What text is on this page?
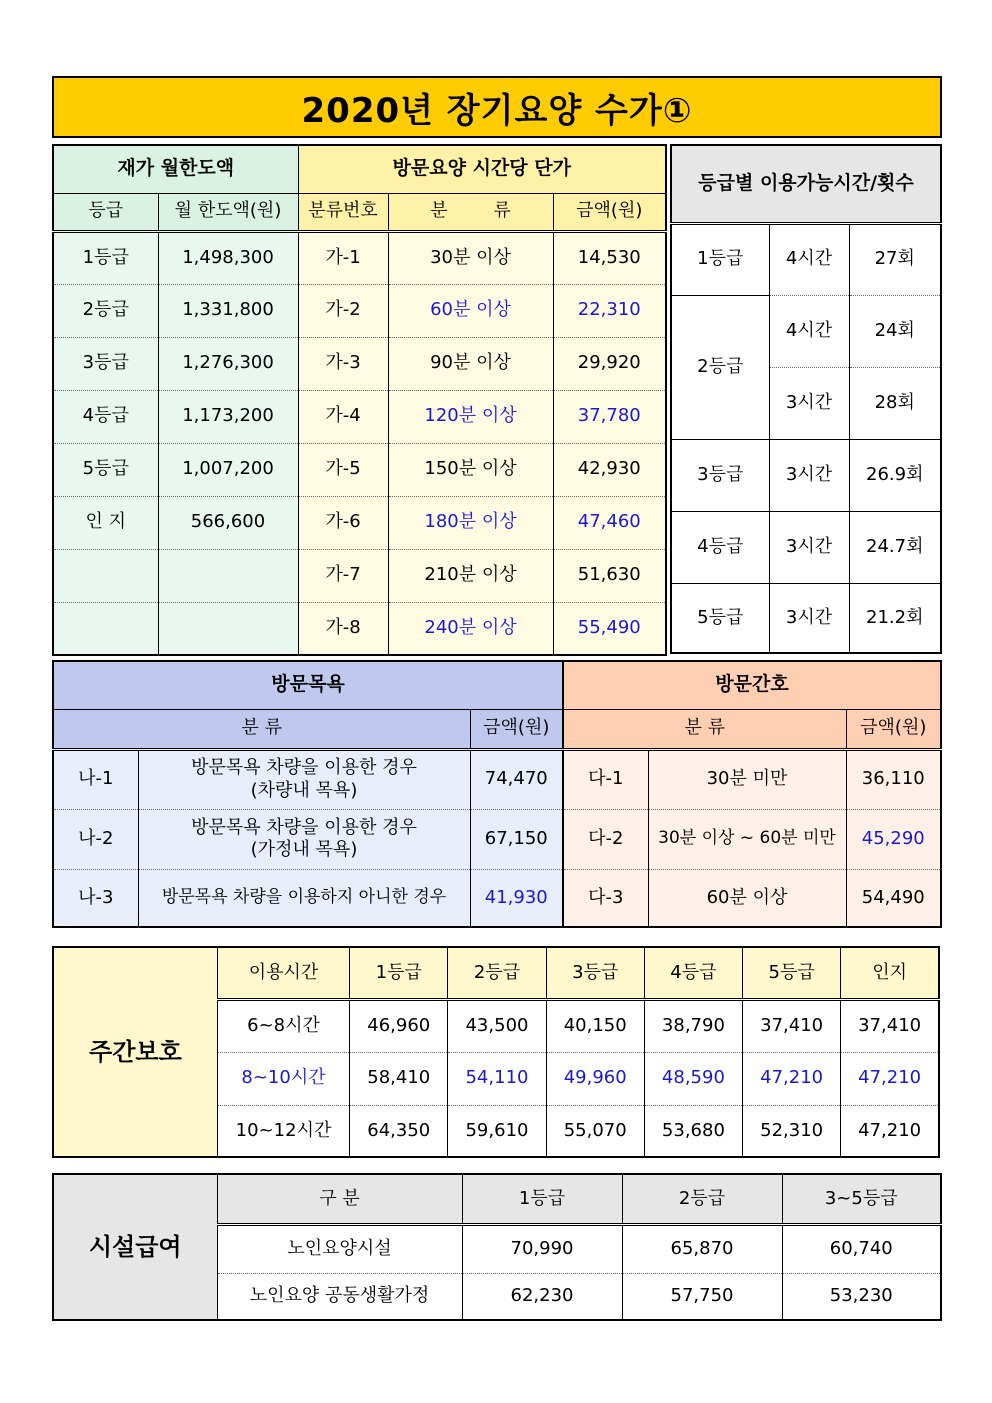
2020년 장기요양 수가①
재가 월한도액		방문요양 시간당 단가		
등급	월 한도액(원)	분류번호	분        류	금액(원)
1등급	1,498,300	가-1	30분 이상	14,530
2등급	1,331,800	가-2	60분 이상	22,310
3등급	1,276,300	가-3	90분 이상	29,920
4등급	1,173,200	가-4	120분 이상	37,780
5등급	1,007,200	가-5	150분 이상	42,930
인 지	566,600	가-6	180분 이상	47,460
		가-7	210분 이상	51,630
		가-8	240분 이상	55,490
등급별 이용가능시간/횟수		
1등급	4시간	27회
2등급	4시간	24회
	3시간	28회
3등급	3시간	26.9회
4등급	3시간	24.7회
5등급	3시간	21.2회
방문목욕			방문간호		
분 류		금액(원)	분 류		금액(원)
나-1	방문목욕 차량을 이용한 경우
(차량내 목욕)	74,470	다-1	30분 미만	36,110
나-2	방문목욕 차량을 이용한 경우
(가정내 목욕)	67,150	다-2	30분 이상 ~ 60분 미만	45,290
나-3	방문목욕 차량을 이용하지 아니한 경우	41,930	다-3	60분 이상	54,490
주간보호	이용시간	1등급	2등급	3등급	4등급	5등급	인지
	6~8시간	46,960	43,500	40,150	38,790	37,410	37,410
	8~10시간	58,410	54,110	49,960	48,590	47,210	47,210
	10~12시간	64,350	59,610	55,070	53,680	52,310	47,210
시설급여	구 분	1등급	2등급	3~5등급
	노인요양시설	70,990	65,870	60,740
	노인요양 공동생활가정	62,230	57,750	53,230
